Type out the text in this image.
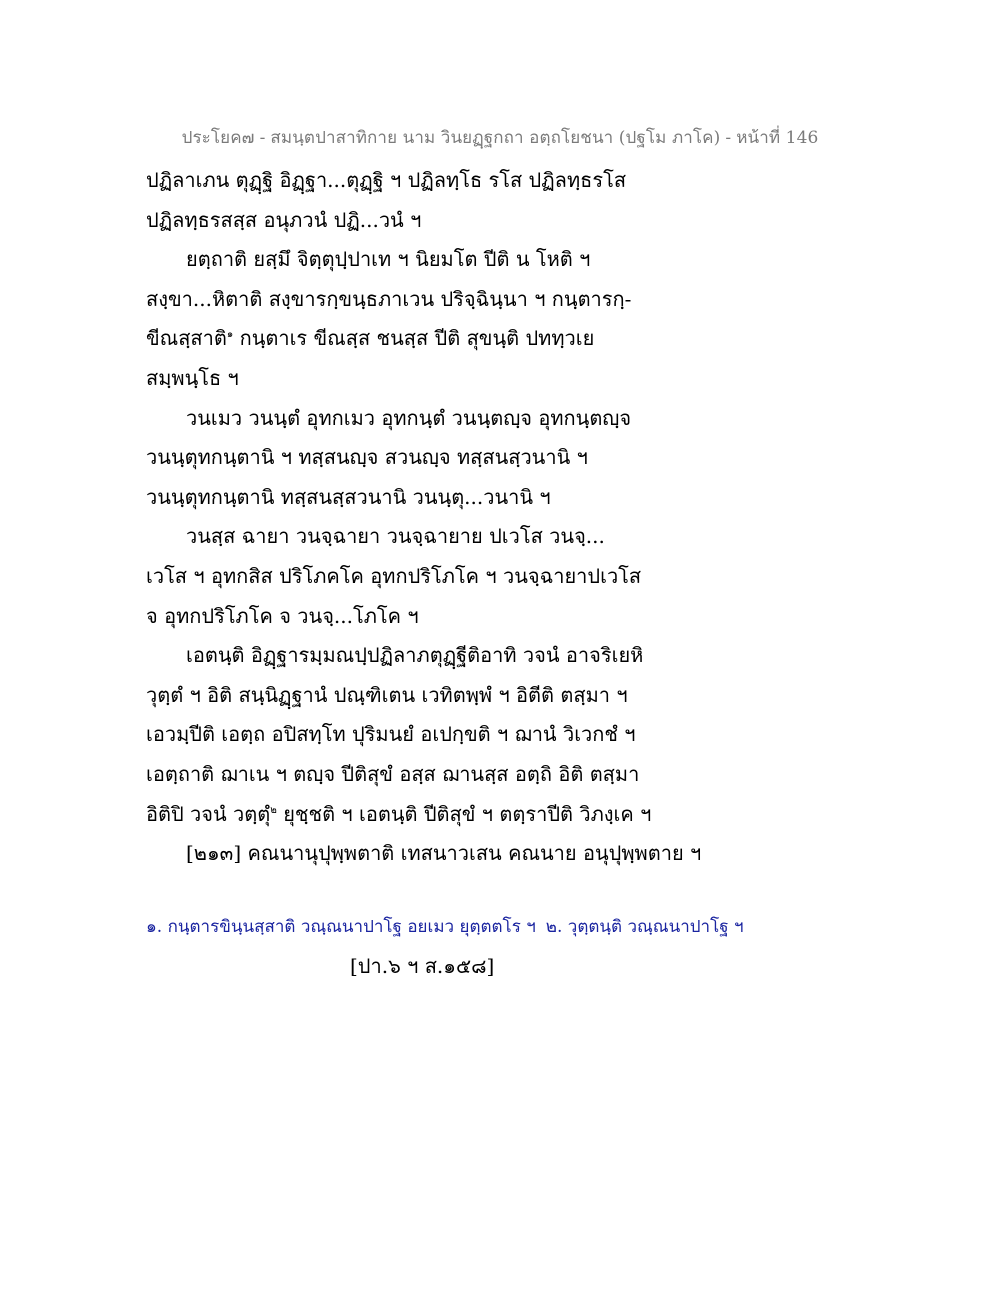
ประโยค๗ - สมนฺตปาสาทิกาย นาม วินยฏฺฐกถา อตฺถโยชนา (ปฐโม ภาโค) - หน้าที่ 146
ปฏิลาเภน ตุฏฺฐิ อิฏฺฐา...ตุฏฺฐิ ฯ ปฏิลทฺโธ รโส ปฏิลทฺธรโส
ปฏิลทฺธรสสฺส อนุภวนํ ปฏิ...วนํ ฯ
ยตฺถาติ ยสฺมึ จิตฺตุปฺปาเท ฯ นิยมโต ปีติ น โหติ ฯ
สงฺขา...หิตาติ สงฺขารกฺขนฺธภาเวน ปริจฺฉินฺนา ฯ กนฺตารกฺ-
ขีณสฺสาติ$^๑$ กนฺตาเร ขีณสฺส ชนสฺส ปีติ สุขนฺติ ปททฺวเย
สมฺพนฺโธ ฯ
วนเมว วนนฺตํ อุทกเมว อุทกนฺตํ วนนฺตญฺจ อุทกนฺตญฺจ
วนนฺตุทกนฺตานิ ฯ ทสฺสนญฺจ สวนญฺจ ทสฺสนสฺวนานิ ฯ
วนนฺตุทกนฺตานิ ทสฺสนสฺสวนานิ วนนฺตุ...วนานิ ฯ
วนสฺส ฉายา วนจฺฉายา วนจฺฉายาย ปเวโส วนจฺ...
เวโส ฯ อุทกสิส ปริโภคโค อุทกปริโภโค ฯ วนจฺฉายาปเวโส
จ อุทกปริโภโค จ วนจฺ...โภโค ฯ
เอตนฺติ อิฏฺฐารมฺมณปฺปฏิลาภตุฏฺฐีติอาทิ วจนํ อาจริเยหิ
วุตฺตํ ฯ อิติ สนฺนิฏฺฐานํ ปณฺฑิเตน เวทิตพฺพํ ฯ อิตีติ ตสฺมา ฯ
เอวมฺปีติ เอตฺถ อปิสทฺโท ปุริมนยํ อเปกฺขติ ฯ ฌานํ วิเวกชํ ฯ
เอตฺถาติ ฌาเน ฯ ตญฺจ ปีติสุขํ อสฺส ฌานสฺส อตฺถิ อิติ ตสฺมา
อิติปิ วจนํ วตฺตุํ$^๒$ ยุชฺชติ ฯ เอตนฺติ ปีติสุขํ ฯ ตตฺราปีติ วิภงฺเค ฯ
[๒๑๓] คณนานุปุพฺพตาติ เทสนาวเสน คณนาย อนุปุพฺพตาย ฯ
๑. กนฺตารขินฺนสฺสาติ วณฺณนาปาโฐ อยเมว ยุตฺตตโร ฯ ๒. วุตฺตนฺติ วณฺณนาปาโฐ ฯ
[ปา.๖ ฯ ส.๑๕๘]
